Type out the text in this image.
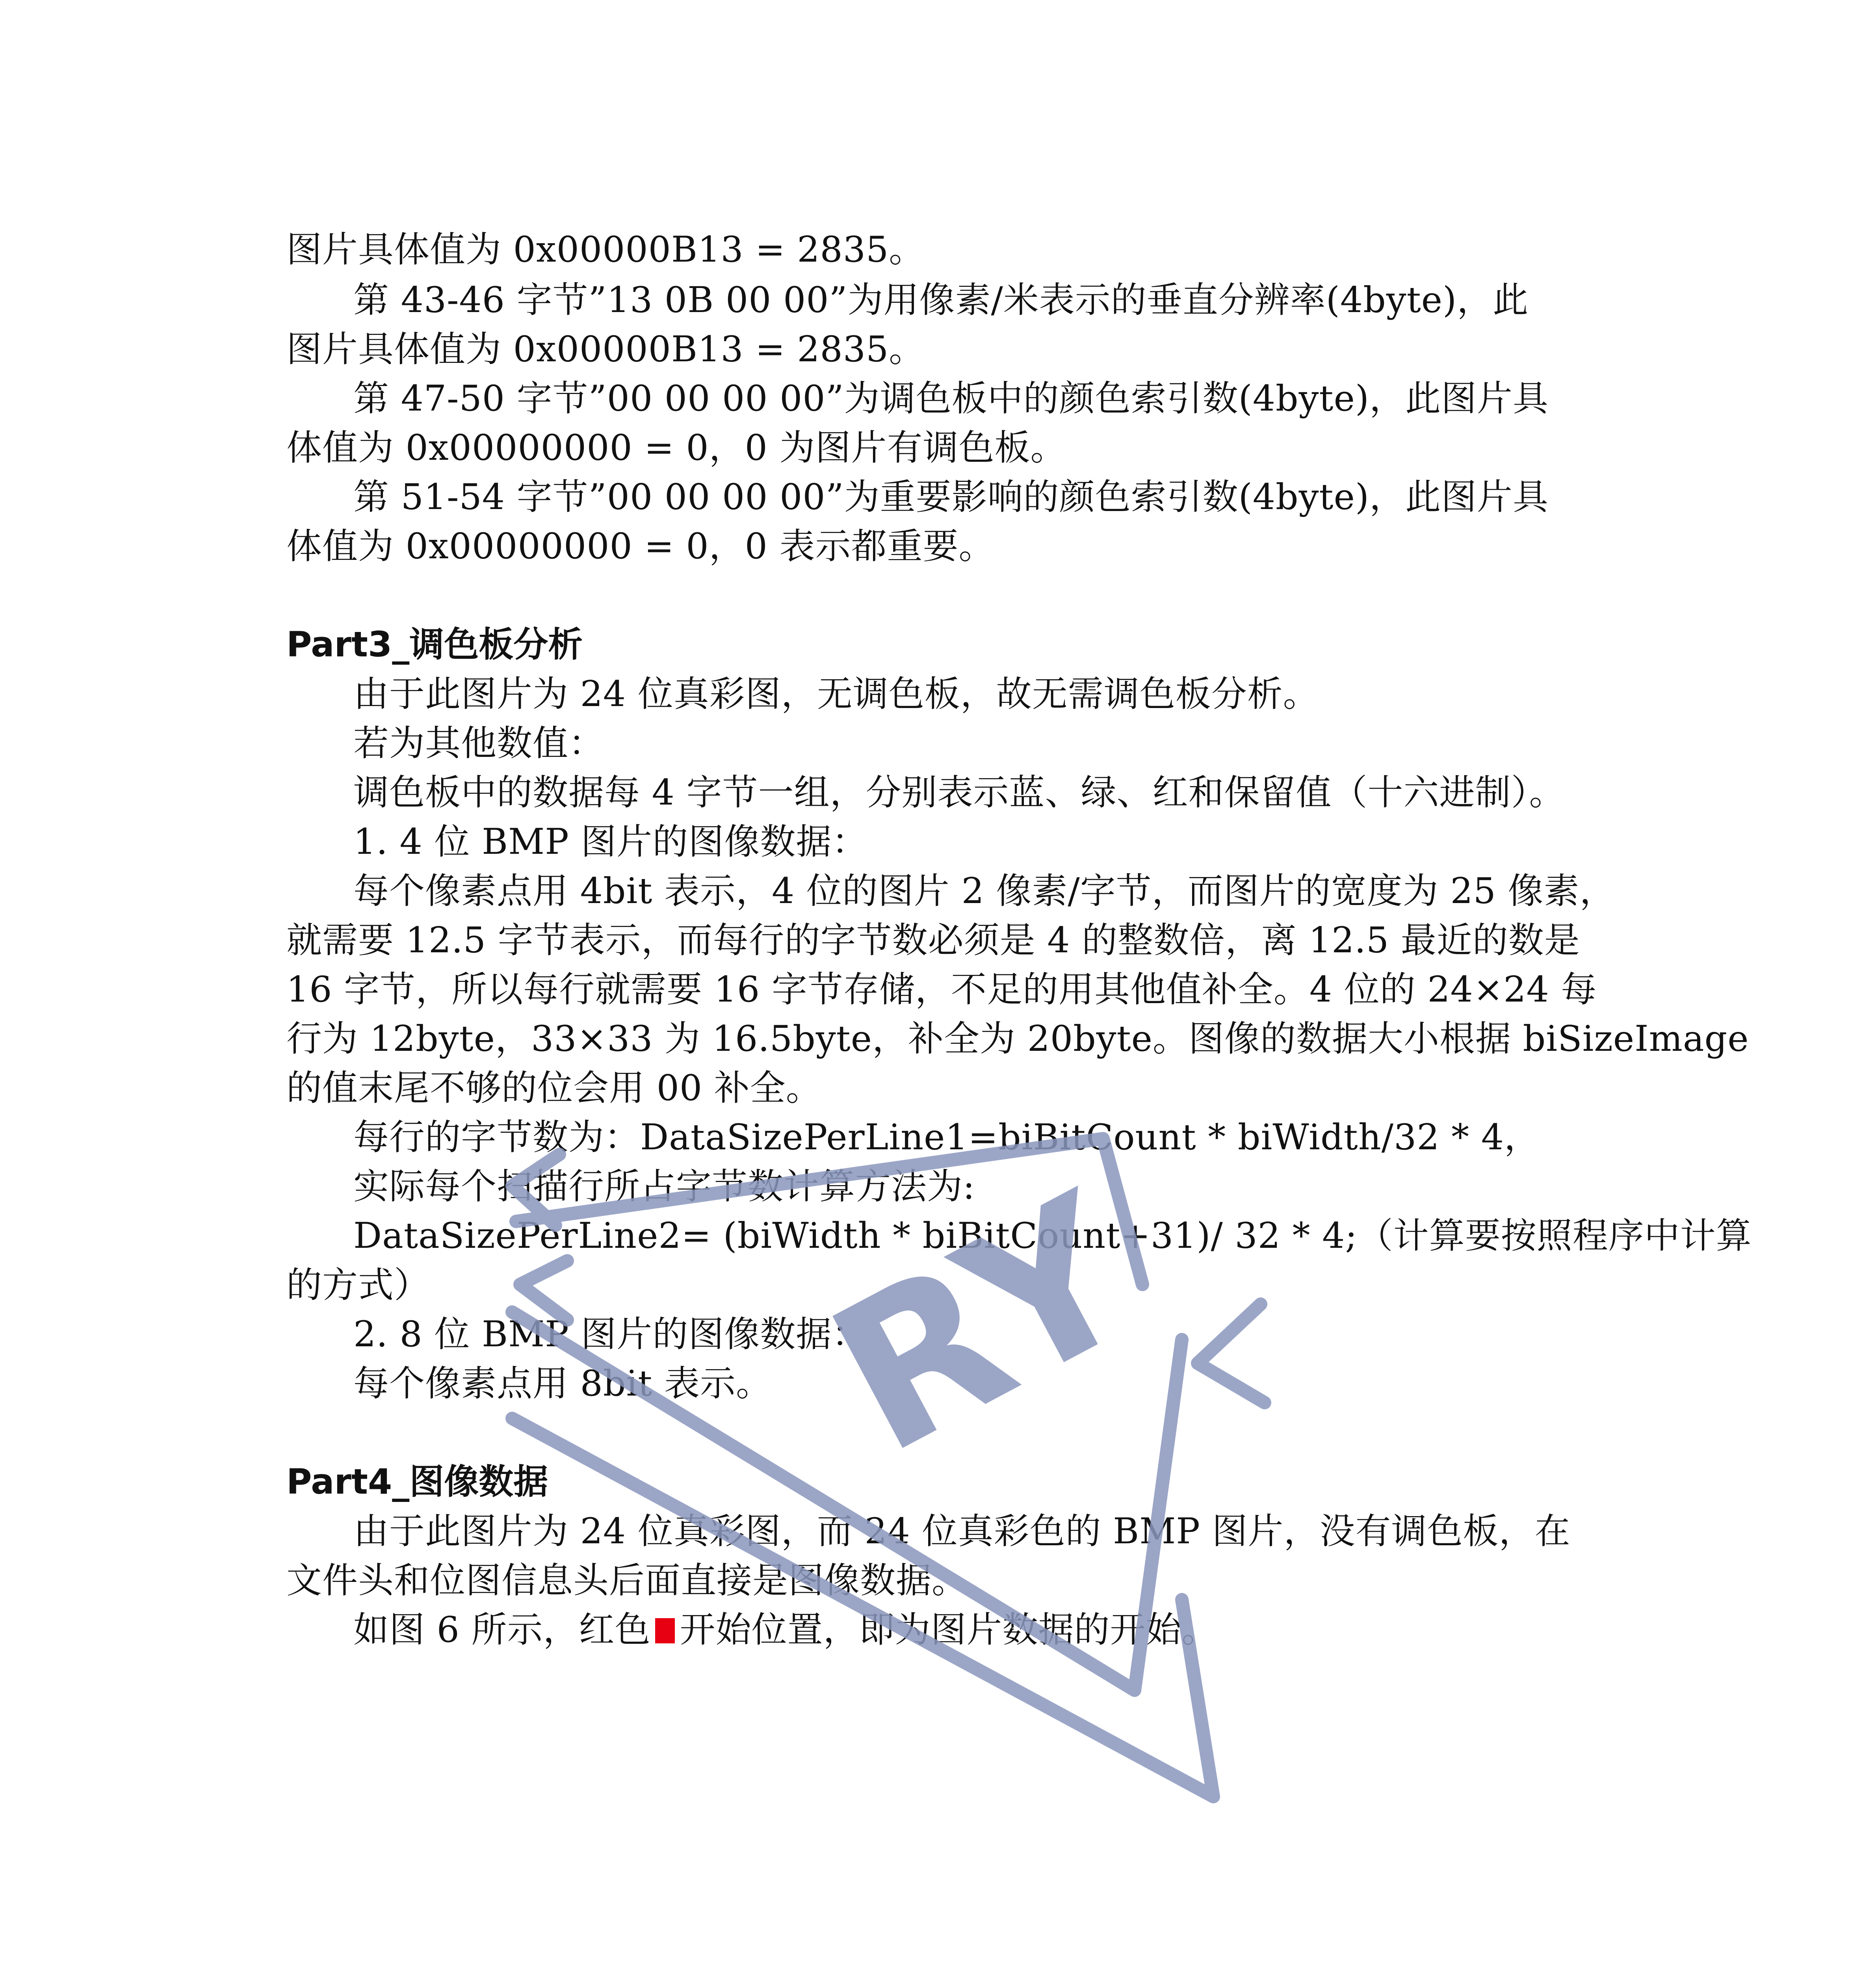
图片具体值为 0x00000B13 = 2835。
第 43-46 字节”13 0B 00 00”为用像素/米表示的垂直分辨率(4byte)，此
图片具体值为 0x00000B13 = 2835。
第 47-50 字节”00 00 00 00”为调色板中的颜色索引数(4byte)，此图片具
体值为 0x00000000 = 0，0 为图片有调色板。
第 51-54 字节”00 00 00 00”为重要影响的颜色索引数(4byte)，此图片具
体值为 0x00000000 = 0，0 表示都重要。
Part3_调色板分析
由于此图片为 24 位真彩图，无调色板，故无需调色板分析。
若为其他数值：
调色板中的数据每 4 字节一组，分别表示蓝、绿、红和保留值（十六进制）。
1. 4 位 BMP 图片的图像数据：
每个像素点用 4bit 表示，4 位的图片 2 像素/字节，而图片的宽度为 25 像素，
就需要 12.5 字节表示，而每行的字节数必须是 4 的整数倍，离 12.5 最近的数是
16 字节，所以每行就需要 16 字节存储，不足的用其他值补全。4 位的 24×24 每
行为 12byte，33×33 为 16.5byte，补全为 20byte。图像的数据大小根据 biSizeImage
的值末尾不够的位会用 00 补全。
每行的字节数为：DataSizePerLine1=biBitCount * biWidth/32 * 4，
实际每个扫描行所占字节数计算方法为:
DataSizePerLine2= (biWidth * biBitCount+31)/ 32 * 4;（计算要按照程序中计算
的方式）
2. 8 位 BMP 图片的图像数据：
每个像素点用 8bit 表示。
Part4_图像数据
由于此图片为 24 位真彩图，而 24 位真彩色的 BMP 图片，没有调色板，在
文件头和位图信息头后面直接是图像数据。
如图 6 所示，红色 开始位置，即为图片数据的开始。
RY
